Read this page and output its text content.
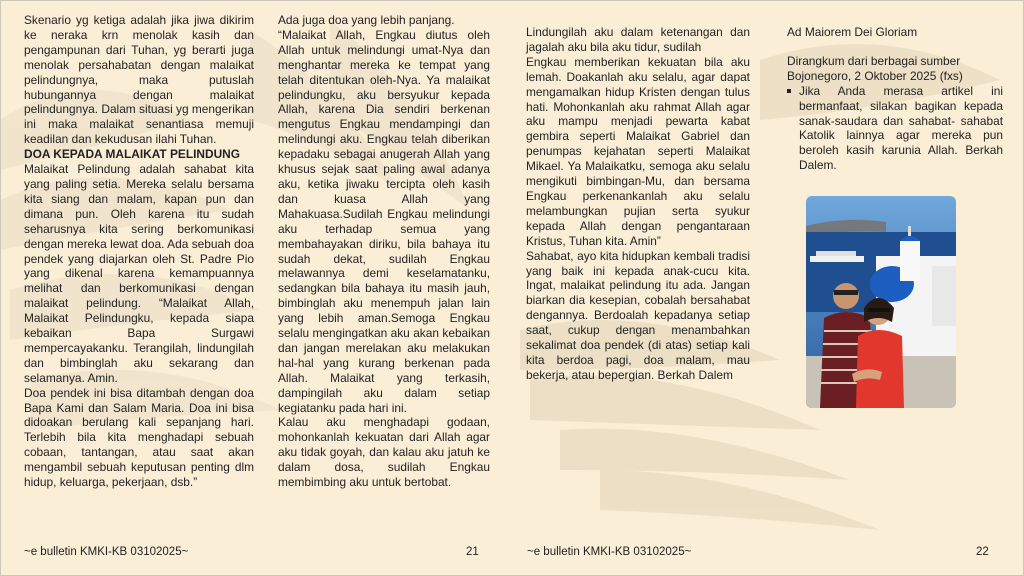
Skenario yg ketiga adalah jika jiwa dikirim ke neraka krn menolak kasih dan pengampunan dari Tuhan, yg berarti juga menolak persahabatan dengan malaikat pelindungnya, maka putuslah hubungannya dengan malaikat pelindungnya. Dalam situasi yg mengerikan ini maka malaikat senantiasa memuji keadilan dan kekudusan ilahi Tuhan.

DOA KEPADA MALAIKAT PELINDUNG

Malaikat Pelindung adalah sahabat kita yang paling setia. Mereka selalu bersama kita siang dan malam, kapan pun dan dimana pun. Oleh karena itu sudah seharusnya kita sering berkomunikasi dengan mereka lewat doa. Ada sebuah doa pendek yang diajarkan oleh St. Padre Pio yang dikenal karena kemampuannya melihat dan berkomunikasi dengan malaikat pelindung. “Malaikat Allah, Malaikat Pelindungku, kepada siapa kebaikan Bapa Surgawi mempercayakanku. Terangilah, lindungilah dan bimbinglah aku sekarang dan selamanya. Amin.

Doa pendek ini bisa ditambah dengan doa Bapa Kami dan Salam Maria. Doa ini bisa didoakan berulang kali sepanjang hari. Terlebih bila kita menghadapi sebuah cobaan, tantangan, atau saat akan mengambil sebuah keputusan penting dlm hidup, keluarga, pekerjaan, dsb.”

Ada juga doa yang lebih panjang.
“Malaikat Allah, Engkau diutus oleh Allah untuk melindungi umat-Nya dan menghantar mereka ke tempat yang telah ditentukan oleh-Nya. Ya malaikat pelindungku, aku bersyukur kepada Allah, karena Dia sendiri berkenan mengutus Engkau mendampingi dan melindungi aku. Engkau telah diberikan kepadaku sebagai anugerah Allah yang khusus sejak saat paling awal adanya aku, ketika jiwaku tercipta oleh kasih dan kuasa Allah yang Mahakuasa.Sudilah Engkau melindungi aku terhadap semua yang membahayakan diriku, bila bahaya itu sudah dekat, sudilah Engkau melawannya demi keselamatanku, sedangkan bila bahaya itu masih jauh, bimbinglah aku menempuh jalan lain yang lebih aman.Semoga Engkau selalu mengingatkan aku akan kebaikan dan jangan merelakan aku melakukan hal-hal yang kurang berkenan pada Allah. Malaikat yang terkasih, dampingilah aku dalam setiap kegiatanku pada hari ini.

Kalau aku menghadapi godaan, mohonkanlah kekuatan dari Allah agar aku tidak goyah, dan kalau aku jatuh ke dalam dosa, sudilah Engkau membimbing aku untuk bertobat.

Lindungilah aku dalam ketenangan dan jagalah aku bila aku tidur, sudilah
Engkau memberikan kekuatan bila aku lemah. Doakanlah aku selalu, agar dapat mengamalkan hidup Kristen dengan tulus hati. Mohonkanlah aku rahmat Allah agar aku mampu menjadi pewarta kabat gembira seperti Malaikat Gabriel dan penumpas kejahatan seperti Malaikat Mikael. Ya Malaikatku, semoga aku selalu mengikuti bimbingan-Mu, dan bersama Engkau perkenankanlah aku selalu melambungkan pujian serta syukur kepada Allah dengan pengantaraan Kristus, Tuhan kita. Amin”

Sahabat, ayo kita hidupkan kembali tradisi yang baik ini kepada anak-cucu kita. Ingat, malaikat pelindung itu ada. Jangan biarkan dia kesepian, cobalah bersahabat dengannya. Berdoalah kepadanya setiap saat, cukup dengan menambahkan sekalimat doa pendek (di atas) setiap kali kita berdoa pagi, doa malam, mau bekerja, atau bepergian. Berkah Dalem

Ad Maiorem Dei Gloriam

Dirangkum dari berbagai sumber

Bojonegoro, 2 Oktober 2025 (fxs)

Jika Anda merasa artikel ini bermanfaat, silakan bagikan kepada sanak-saudara dan sahabat- sahabat Katolik lainnya agar mereka pun beroleh kasih karunia Allah. Berkah Dalem.
~e bulletin KMKI-KB 03102025~	21	~e bulletin KMKI-KB 03102025~	22
